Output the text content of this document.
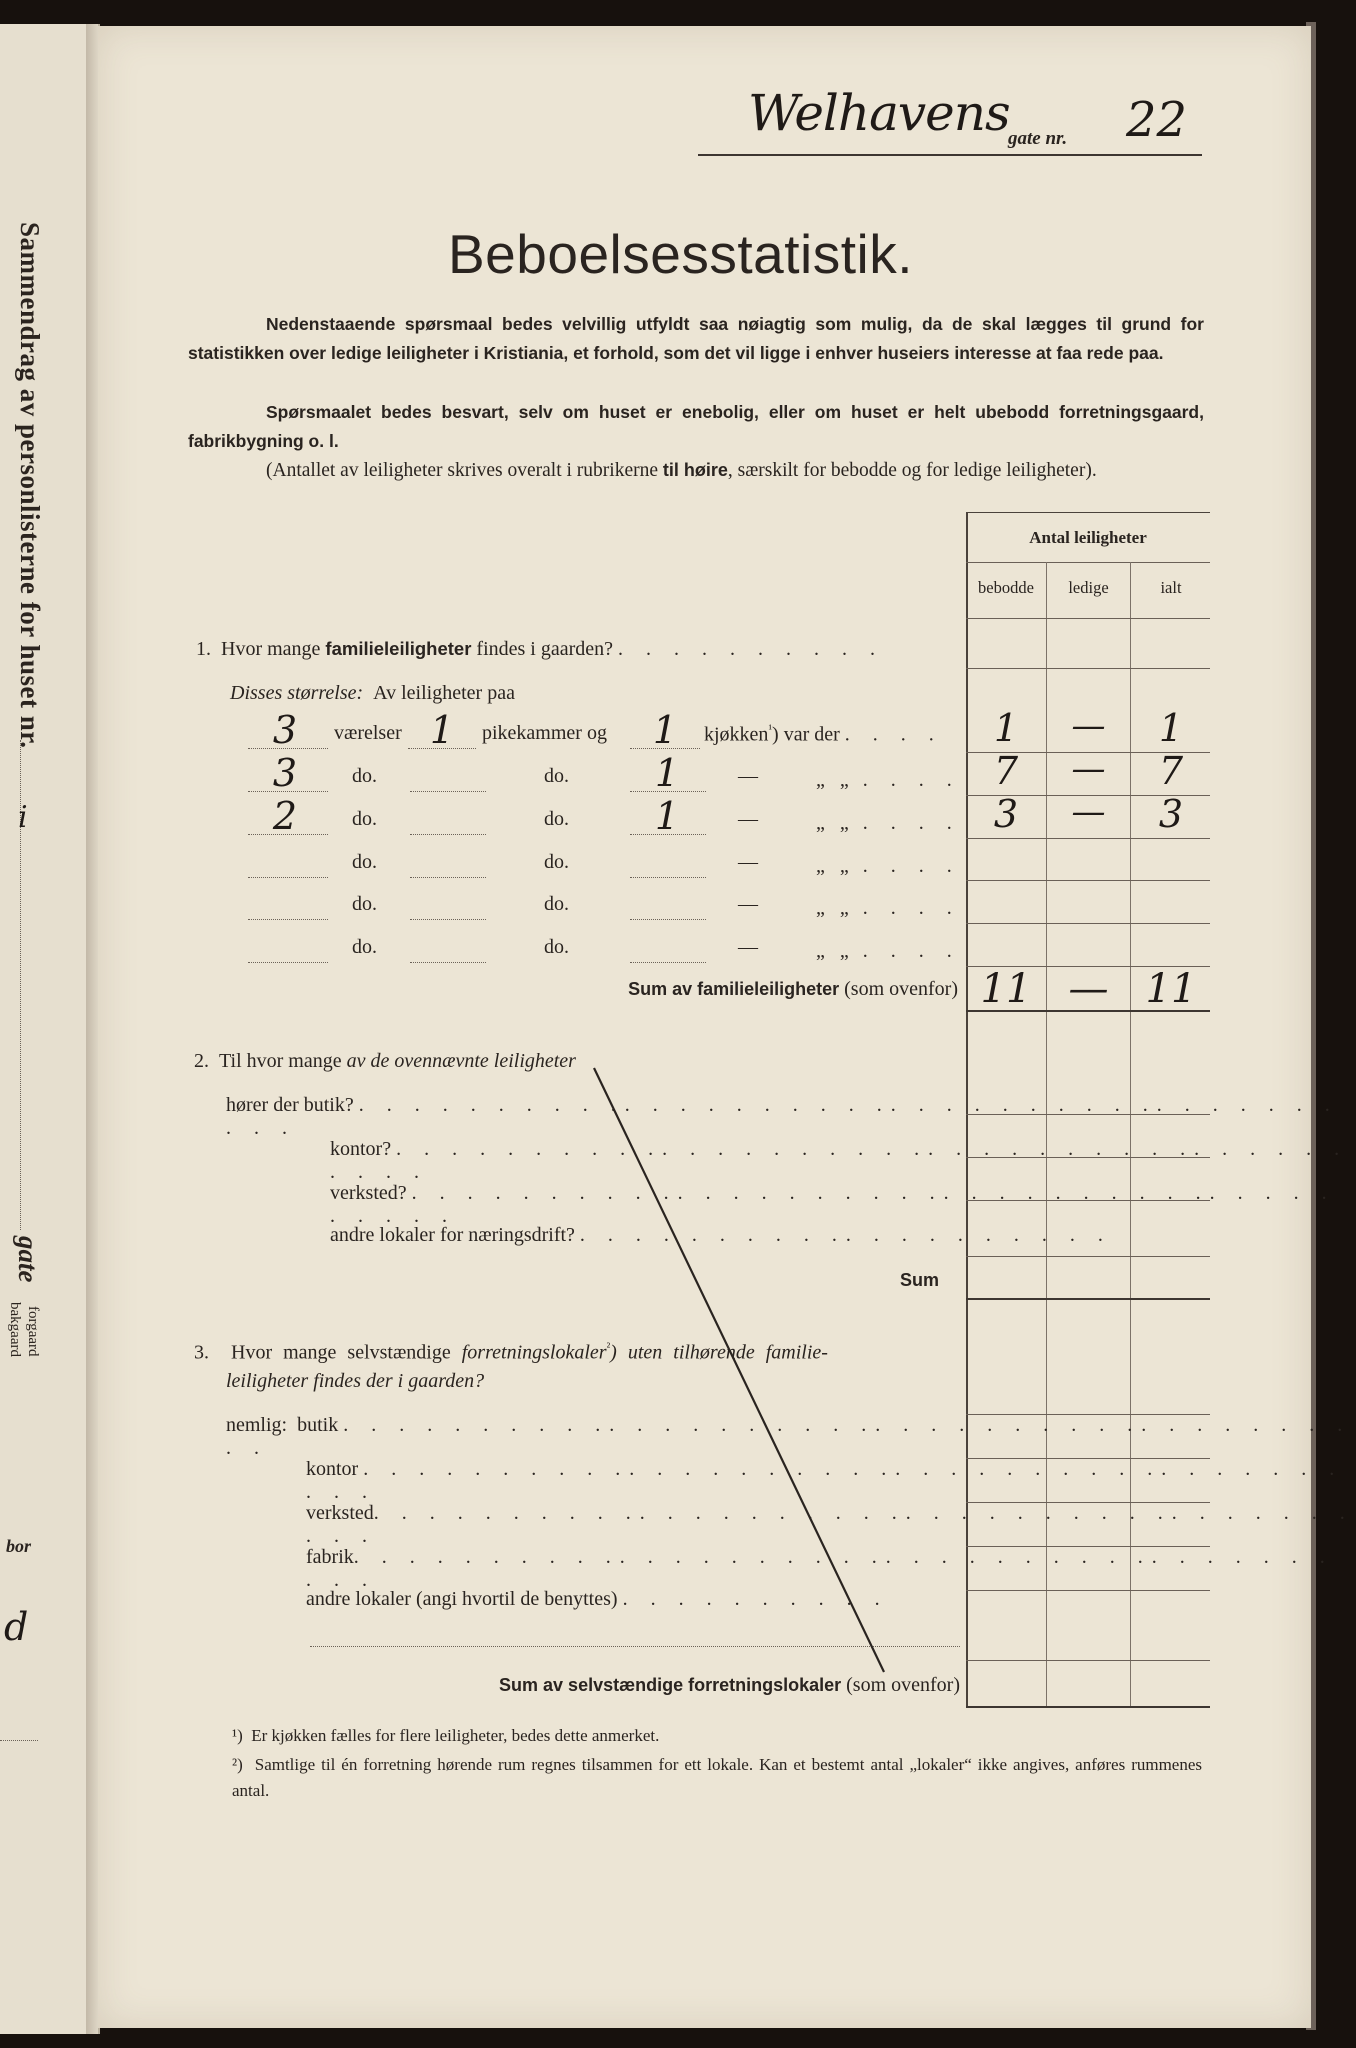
Sammendrag av personlisterne for huset nr.
i
gate
forgaard
bakgaard
bor
d
Welhavens
gate nr. 22
Beboelsesstatistik.
Nedenstaaende spørsmaal bedes velvillig utfyldt saa nøiagtig som mulig, da de skal lægges til grund for statistikken over ledige leiligheter i Kristiania, et forhold, som det vil ligge i enhver huseiers interesse at faa rede paa.
Spørsmaalet bedes besvart, selv om huset er enebolig, eller om huset er helt ubebodd forretningsgaard, fabrikbygning o. l.
(Antallet av leiligheter skrives overalt i rubrikerne til høire, særskilt for bebodde og for ledige leiligheter).
Antal leiligheter
bebodde	ledige	ialt
1. Hvor mange familieleiligheter findes i gaarden? . . . . . . . . . .
Disses størrelse: Av leiligheter paa
3	værelser 1	pikekammer og	1	kjøkken$^{^1}$) var der . . . .	1	—	1
3	do.	do.	1	—	„   „ . . . . 7	—	7
2	do.	do.	1	—	„   „ . . . . 3	—	3
do.	do.	—	„   „ . . . .
do.	do.	—	„   „ . . . .
do.	do.	—	„   „ . . . .
Sum av familieleiligheter (som ovenfor) 11 — 11
2. Til hvor mange av de ovennævnte leiligheter
hører der butik? . . . . . . . . . .. . . . . . . . . .. . . . . . . . . .. . . . . . . . . .
kontor? . . . . . . . . . .. . . . . . . . . .. . . . . . . . . .. . . . . . . . . .
verksted? . . . . . . . . . .. . . . . . . . . .. . . . . . . . . .. . . . . . . . . .
andre lokaler for næringsdrift? . . . . . . . . . .. . . . . . . . . .
Sum
3. Hvor mange selvstændige forretningslokaler$^{^2}$) uten tilhørende familie-
leiligheter findes der i gaarden?
nemlig: butik . . . . . . . . . .. . . . . . . . . .. . . . . . . . . .. . . . . . . . . .
kontor . . . . . . . . . .. . . . . . . . . .. . . . . . . . . .. . . . . . . . . .
verksted. . . . . . . . . .. . . . . . . . . .. . . . . . . . . .. . . . . . . . . .
fabrik. . . . . . . . . .. . . . . . . . . .. . . . . . . . . .. . . . . . . . . .
andre lokaler (angi hvortil de benyttes) . . . . . . . . . .
Sum av selvstændige forretningslokaler (som ovenfor)
¹) Er kjøkken fælles for flere leiligheter, bedes dette anmerket.
²) Samtlige til én forretning hørende rum regnes tilsammen for ett lokale. Kan et bestemt antal „lokaler“ ikke angives, anføres rummenes antal.
